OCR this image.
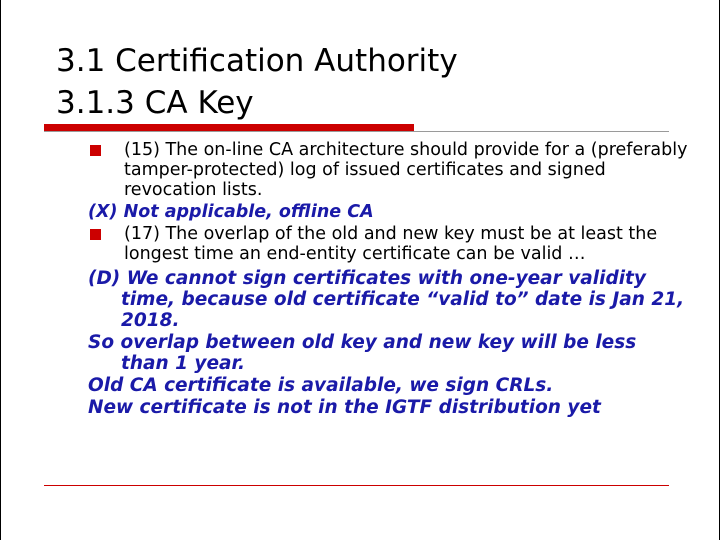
3.1 Certification Authority
3.1.3 CA Key
(15) The on-line CA architecture should provide for a (preferably tamper-protected) log of issued certificates and signed revocation lists.
(X) Not applicable, offline CA
(17) The overlap of the old and new key must be at least the longest time an end-entity certificate can be valid …
(D) We cannot sign certificates with one-year validity time, because old certificate “valid to” date is Jan 21, 2018.
So overlap between old key and new key will be less than 1 year.
Old CA certificate is available, we sign CRLs.
New certificate is not in the IGTF distribution yet
